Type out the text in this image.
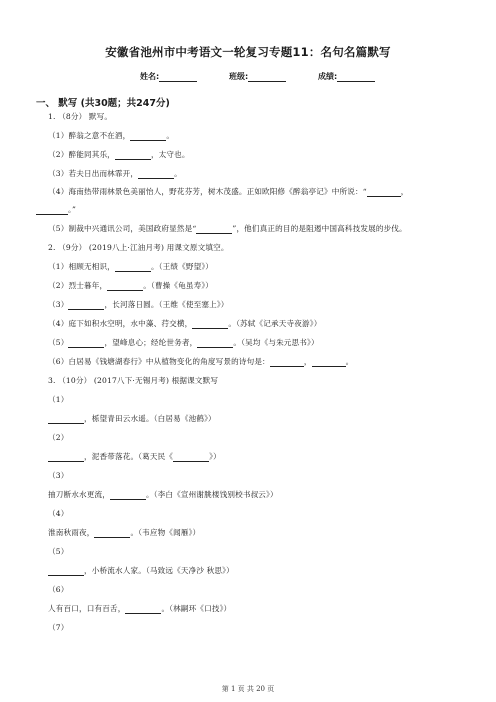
安徽省池州市中考语文一轮复习专题11：名句名篇默写
姓名:	班级:	成绩:
一、 默写 (共30题；共247分)
1. （8分） 默写。
（1）醉翁之意不在酒，	。
（2）醉能同其乐，	，太守也。
（3）若夫日出而林霏开，	。
（4）海南热带雨林景色美丽怡人，野花芬芳，树木茂盛。正如欧阳修《醉翁亭记》中所说：“	，
。”
（5）制裁中兴通讯公司，美国政府显然是“	”，他们真正的目的是阻遏中国高科技发展的步伐。
2. （9分） (2019八上·江油月考) 用课文原文填空。
（1）相顾无相识，	。（王绩《野望》）
（2）烈士暮年，	。（曹操《龟虽寿》）
（3）	，长河落日圆。（王维《使至塞上》）
（4）庭下如积水空明，水中藻、荇交横，	。（苏轼《记承天寺夜游》）
（5）	，望峰息心；经纶世务者，	。（吴均《与朱元思书》）
（6）白居易《钱塘湖春行》中从植物变化的角度写景的诗句是：	，	。
3. （10分） (2017八下·无锡月考) 根据课文默写
（1）
，栎望青田云水遥。（白居易《池鹤》）
（2）
，泥香带落花。（葛天民《	》）
（3）
抽刀断水水更流，	。（李白《宣州谢朓楼饯别校书叔云》）
（4）
淮南秋雨夜，	。（韦应物《闻雁》）
（5）
，小桥流水人家。（马致远《天净沙 秋思》）
（6）
人有百口，口有百舌，	。（林嗣环《口技》）
（7）
第 1 页 共 20 页
